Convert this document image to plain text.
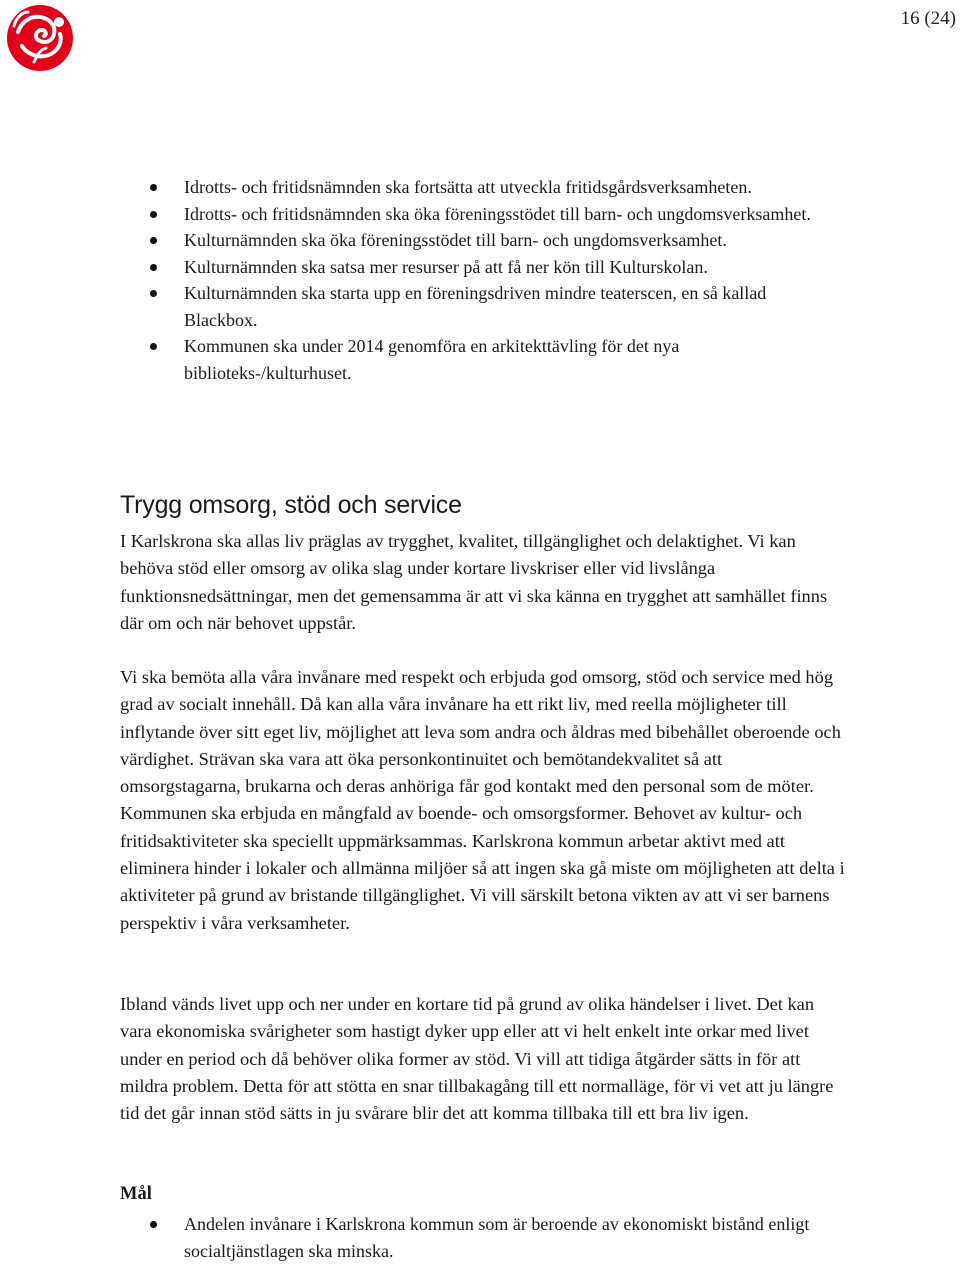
16 (24)
Idrotts- och fritidsnämnden ska fortsätta att utveckla fritidsgårdsverksamheten.
Idrotts- och fritidsnämnden ska öka föreningsstödet till barn- och ungdomsverksamhet.
Kulturnämnden ska öka föreningsstödet till barn- och ungdomsverksamhet.
Kulturnämnden ska satsa mer resurser på att få ner kön till Kulturskolan.
Kulturnämnden ska starta upp en föreningsdriven mindre teaterscen, en så kallad Blackbox.
Kommunen ska under 2014 genomföra en arkitekttävling för det nya biblioteks-/kulturhuset.
Trygg omsorg, stöd och service

I Karlskrona ska allas liv präglas av trygghet, kvalitet, tillgänglighet och delaktighet. Vi kan behöva stöd eller omsorg av olika slag under kortare livskriser eller vid livslånga funktionsnedsättningar, men det gemensamma är att vi ska känna en trygghet att samhället finns där om och när behovet uppstår.

Vi ska bemöta alla våra invånare med respekt och erbjuda god omsorg, stöd och service med hög grad av socialt innehåll. Då kan alla våra invånare ha ett rikt liv, med reella möjligheter till inflytande över sitt eget liv, möjlighet att leva som andra och åldras med bibehållet oberoende och värdighet. Strävan ska vara att öka personkontinuitet och bemötandekvalitet så att omsorgstagarna, brukarna och deras anhöriga får god kontakt med den personal som de möter. Kommunen ska erbjuda en mångfald av boende- och omsorgsformer. Behovet av kultur- och fritidsaktiviteter ska speciellt uppmärksammas. Karlskrona kommun arbetar aktivt med att eliminera hinder i lokaler och allmänna miljöer så att ingen ska gå miste om möjligheten att delta i aktiviteter på grund av bristande tillgänglighet. Vi vill särskilt betona vikten av att vi ser barnens perspektiv i våra verksamheter.

Ibland vänds livet upp och ner under en kortare tid på grund av olika händelser i livet. Det kan vara ekonomiska svårigheter som hastigt dyker upp eller att vi helt enkelt inte orkar med livet under en period och då behöver olika former av stöd. Vi vill att tidiga åtgärder sätts in för att mildra problem. Detta för att stötta en snar tillbakagång till ett normalläge, för vi vet att ju längre tid det går innan stöd sätts in ju svårare blir det att komma tillbaka till ett bra liv igen.

Mål
Andelen invånare i Karlskrona kommun som är beroende av ekonomiskt bistånd enligt socialtjänstlagen ska minska.
